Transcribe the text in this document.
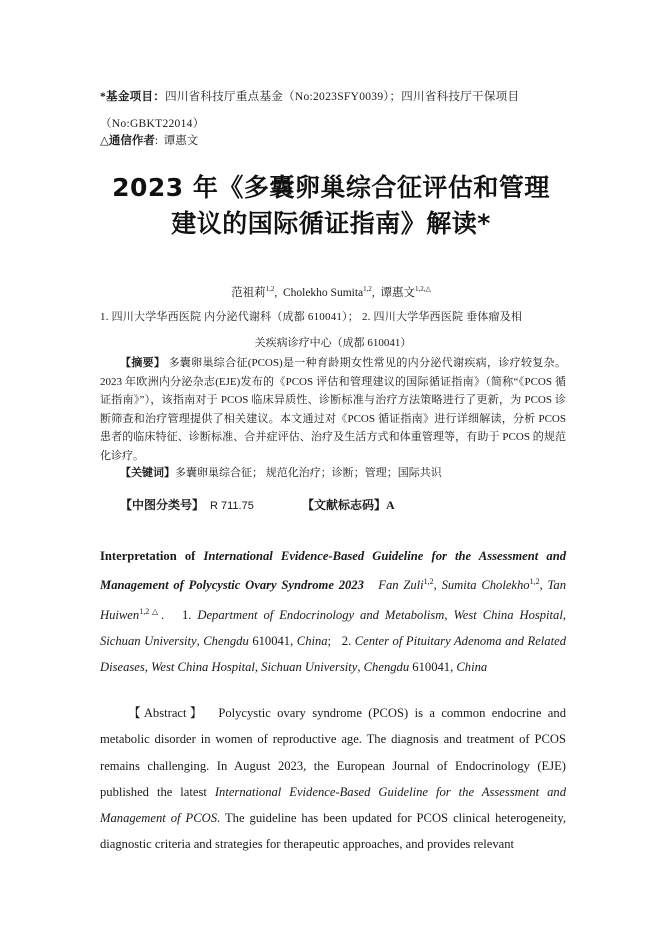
*基金项目：四川省科技厅重点基金（No:2023SFY0039）；四川省科技厅干保项目
（No:GBKT22014）
△通信作者:  谭惠文
2023 年《多囊卵巢综合征评估和管理
建议的国际循证指南》解读*
范祖莉$^{1,2}$,  Cholekho Sumita$^{1,2}$,  谭惠文$^{1,2,\triangle}$
1. 四川大学华西医院 内分泌代谢科（成都 610041）； 2. 四川大学华西医院 垂体瘤及相
关疾病诊疗中心（成都 610041）
【摘要】 多囊卵巢综合征(PCOS)是一种育龄期女性常见的内分泌代谢疾病，诊疗较复杂。2023 年欧洲内分泌杂志(EJE)发布的《PCOS 评估和管理建议的国际循证指南》（简称“《PCOS 循证指南》”），该指南对于 PCOS 临床异质性、诊断标准与治疗方法策略进行了更新，为 PCOS 诊断筛查和治疗管理提供了相关建议。本文通过对《PCOS 循证指南》进行详细解读，分析 PCOS 患者的临床特征、诊断标准、合并症评估、治疗及生活方式和体重管理等，有助于 PCOS 的规范化诊疗。
【关键词】多囊卵巢综合征； 规范化治疗；诊断；管理；国际共识
【中图分类号】 R 711.75	【文献标志码】A
Interpretation of International Evidence-Based Guideline for the Assessment and Management of Polycystic Ovary Syndrome 2023 Fan Zuli$^{1,2}$, Sumita Cholekho$^{1,2}$, Tan Huiwen$^{1,2\triangle}$.   1. Department of Endocrinology and Metabolism, West China Hospital, Sichuan University, Chengdu 610041, China;   2. Center of Pituitary Adenoma and Related Diseases, West China Hospital, Sichuan University, Chengdu 610041, China
【Abstract】 Polycystic ovary syndrome (PCOS) is a common endocrine and metabolic disorder in women of reproductive age. The diagnosis and treatment of PCOS remains challenging. In August 2023, the European Journal of Endocrinology (EJE) published the latest International Evidence-Based Guideline for the Assessment and Management of PCOS. The guideline has been updated for PCOS clinical heterogeneity, diagnostic criteria and strategies for therapeutic approaches, and provides relevant
